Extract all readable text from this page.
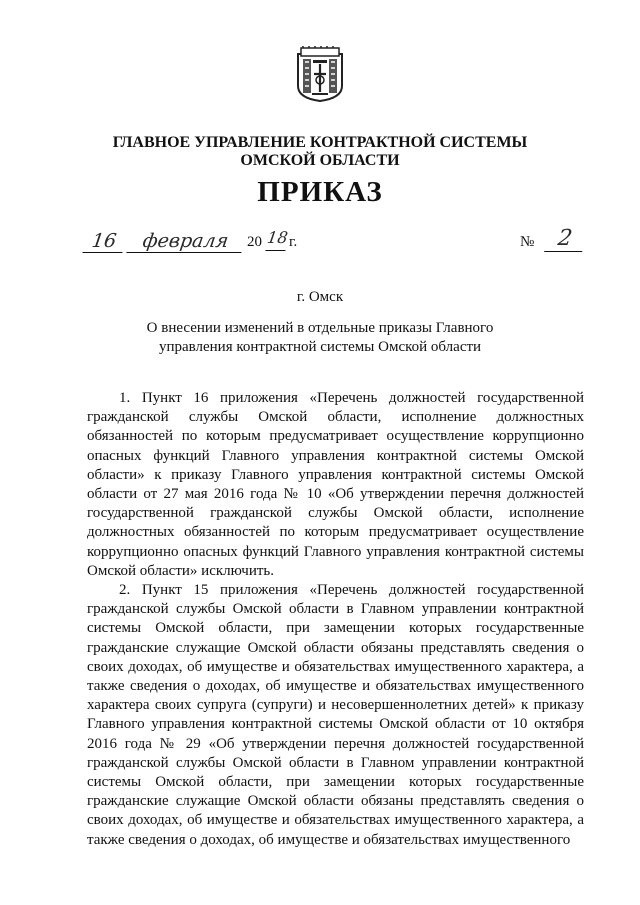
ГЛАВНОЕ УПРАВЛЕНИЕ КОНТРАКТНОЙ СИСТЕМЫ
ОМСКОЙ ОБЛАСТИ
ПРИКАЗ
16	февраля	20 18 г.	№	2
г. Омск
О внесении изменений в отдельные приказы Главного управления контрактной системы Омской области

1. Пункт 16 приложения «Перечень должностей государственной гражданской службы Омской области, исполнение должностных обязанностей по которым предусматривает осуществление коррупционно опасных функций Главного управления контрактной системы Омской области» к приказу Главного управления контрактной системы Омской области от 27 мая 2016 года № 10 «Об утверждении перечня должностей государственной гражданской службы Омской области, исполнение должностных обязанностей по которым предусматривает осуществление коррупционно опасных функций Главного управления контрактной системы Омской области» исключить.

2. Пункт 15 приложения «Перечень должностей государственной гражданской службы Омской области в Главном управлении контрактной системы Омской области, при замещении которых государственные гражданские служащие Омской области обязаны представлять сведения о своих доходах, об имуществе и обязательствах имущественного характера, а также сведения о доходах, об имуществе и обязательствах имущественного характера своих супруга (супруги) и несовершеннолетних детей» к приказу Главного управления контрактной системы Омской области от 10 октября 2016 года № 29 «Об утверждении перечня должностей государственной гражданской службы Омской области в Главном управлении контрактной системы Омской области, при замещении которых государственные гражданские служащие Омской области обязаны представлять сведения о своих доходах, об имуществе и обязательствах имущественного характера, а также сведения о доходах, об имуществе и обязательствах имущественного
